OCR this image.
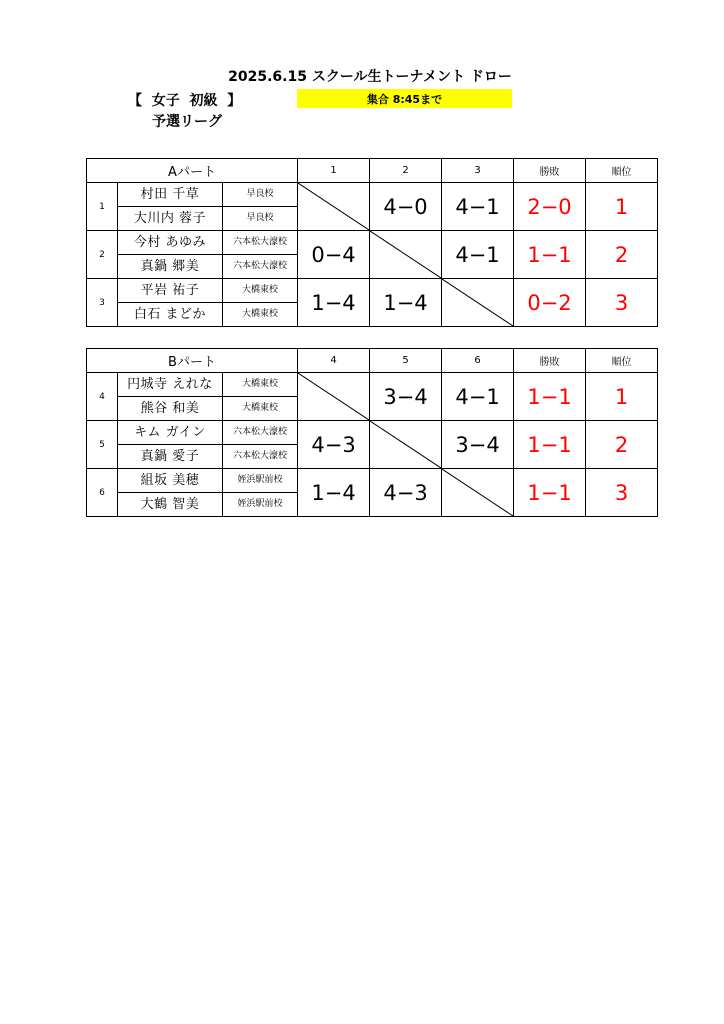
2025.6.15 スクール生トーナメント ドロー
【  女子  初級  】	集合 8:45まで
予選リーグ
Aパート			1	2	3	勝敗	順位
1	村田 千草	早良校		4−0	4−1	2−0	1
	大川内 蓉子	早良校					
2	今村 あゆみ	六本松大濠校	0−4		4−1	1−1	2
	真鍋 郷美	六本松大濠校					
3	平岩 祐子	大橋東校	1−4	1−4		0−2	3
	白石 まどか	大橋東校					
Bパート			4	5	6	勝敗	順位
4	円城寺 えれな	大橋東校		3−4	4−1	1−1	1
	熊谷 和美	大橋東校					
5	キム ガイン	六本松大濠校	4−3		3−4	1−1	2
	真鍋 愛子	六本松大濠校					
6	組坂 美穂	姪浜駅前校	1−4	4−3		1−1	3
	大鶴 智美	姪浜駅前校					
